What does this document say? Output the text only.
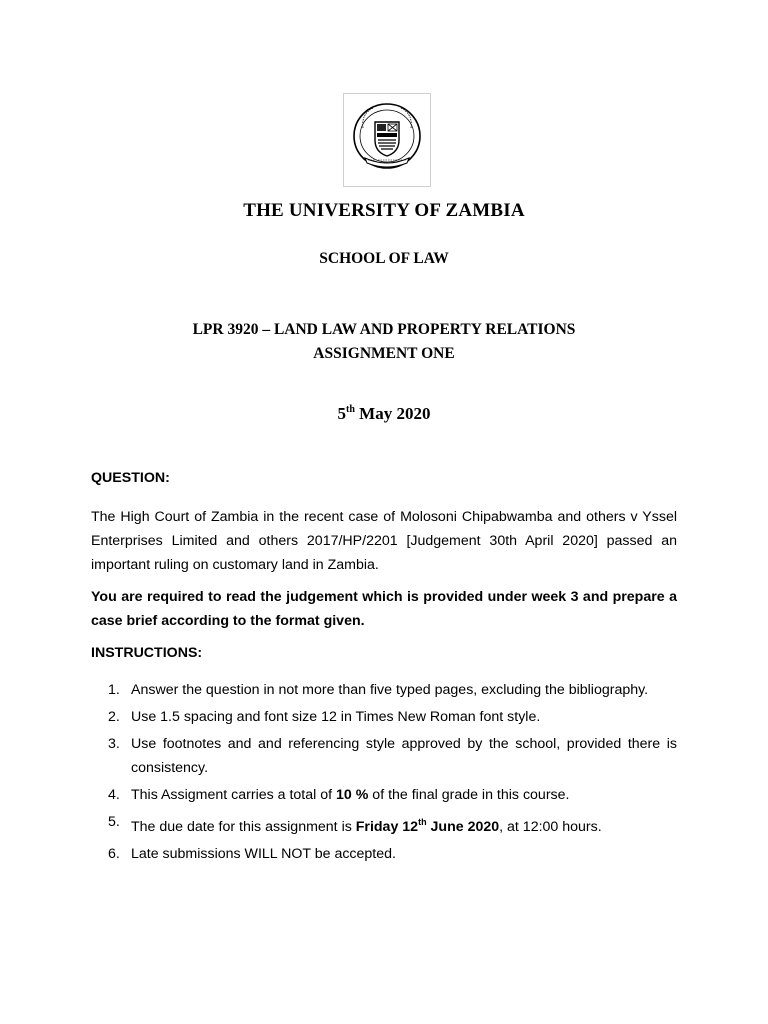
THE UNIVERSITY OF ZAMBIA
SCHOOL OF LAW
LPR 3920 – LAND LAW AND PROPERTY RELATIONS
ASSIGNMENT ONE
5th May 2020
QUESTION:
The High Court of Zambia in the recent case of Molosoni Chipabwamba and others v Yssel Enterprises Limited and others 2017/HP/2201 [Judgement 30th April 2020] passed an important ruling on customary land in Zambia.
You are required to read the judgement which is provided under week 3 and prepare a case brief according to the format given.
INSTRUCTIONS:
1. Answer the question in not more than five typed pages, excluding the bibliography.
2. Use 1.5 spacing and font size 12 in Times New Roman font style.
3. Use footnotes and and referencing style approved by the school, provided there is consistency.
4. This Assigment carries a total of 10 % of the final grade in this course.
5. The due date for this assignment is Friday 12th June 2020, at 12:00 hours.
6. Late submissions WILL NOT be accepted.
